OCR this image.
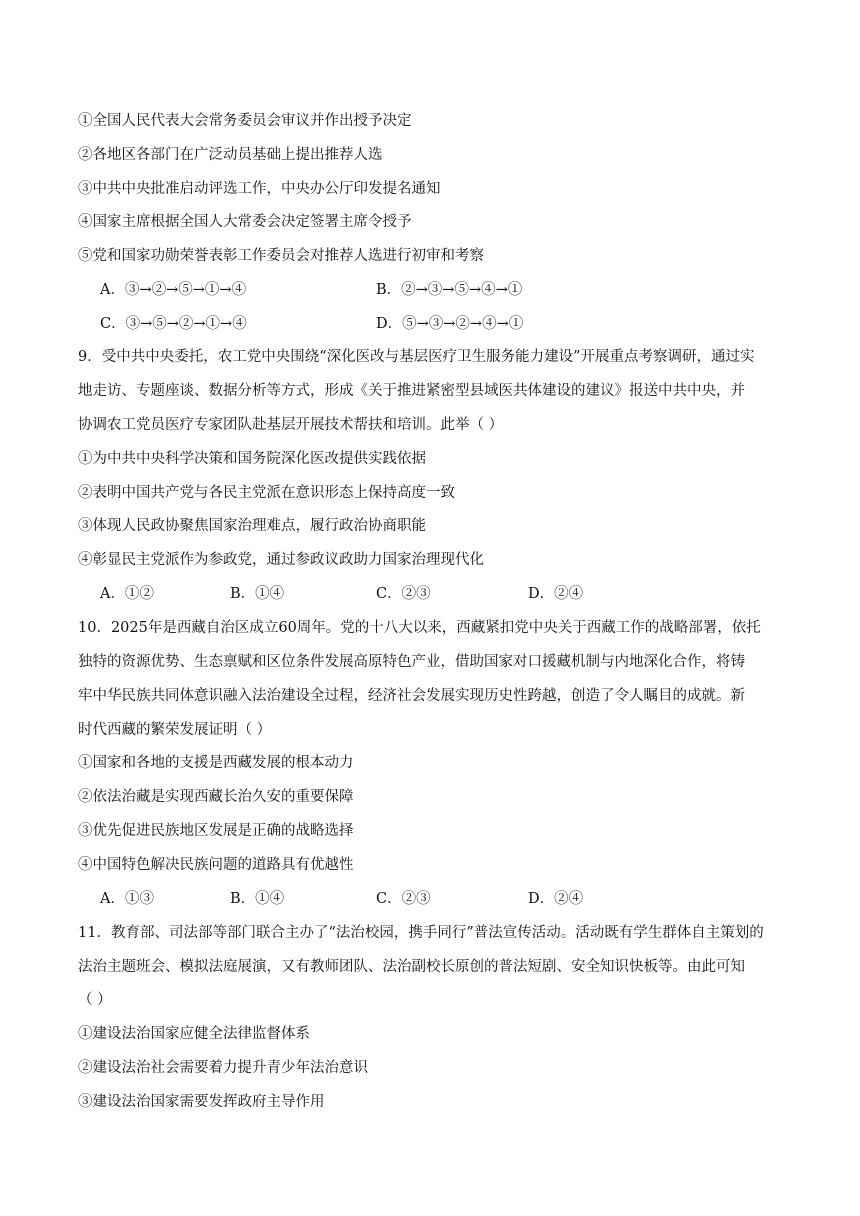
①全国人民代表大会常务委员会审议并作出授予决定
②各地区各部门在广泛动员基础上提出推荐人选
③中共中央批准启动评选工作，中央办公厅印发提名通知
④国家主席根据全国人大常委会决定签署主席令授予
⑤党和国家功勋荣誉表彰工作委员会对推荐人选进行初审和考察
A．③→②→⑤→①→④	B．②→③→⑤→④→①
C．③→⑤→②→①→④	D．⑤→③→②→④→①
9．受中共中央委托，农工党中央围绕“深化医改与基层医疗卫生服务能力建设”开展重点考察调研，通过实
地走访、专题座谈、数据分析等方式，形成《关于推进紧密型县域医共体建设的建议》报送中共中央，并
协调农工党员医疗专家团队赴基层开展技术帮扶和培训。此举（ ）
①为中共中央科学决策和国务院深化医改提供实践依据
②表明中国共产党与各民主党派在意识形态上保持高度一致
③体现人民政协聚焦国家治理难点，履行政治协商职能
④彰显民主党派作为参政党，通过参政议政助力国家治理现代化
A．①②	B．①④	C．②③	D．②④
10．2025年是西藏自治区成立60周年。党的十八大以来，西藏紧扣党中央关于西藏工作的战略部署，依托
独特的资源优势、生态禀赋和区位条件发展高原特色产业，借助国家对口援藏机制与内地深化合作，将铸
牢中华民族共同体意识融入法治建设全过程，经济社会发展实现历史性跨越，创造了令人瞩目的成就。新
时代西藏的繁荣发展证明（ ）
①国家和各地的支援是西藏发展的根本动力
②依法治藏是实现西藏长治久安的重要保障
③优先促进民族地区发展是正确的战略选择
④中国特色解决民族问题的道路具有优越性
A．①③	B．①④	C．②③	D．②④
11．教育部、司法部等部门联合主办了“法治校园，携手同行”普法宣传活动。活动既有学生群体自主策划的
法治主题班会、模拟法庭展演，又有教师团队、法治副校长原创的普法短剧、安全知识快板等。由此可知
（ ）
①建设法治国家应健全法律监督体系
②建设法治社会需要着力提升青少年法治意识
③建设法治国家需要发挥政府主导作用
